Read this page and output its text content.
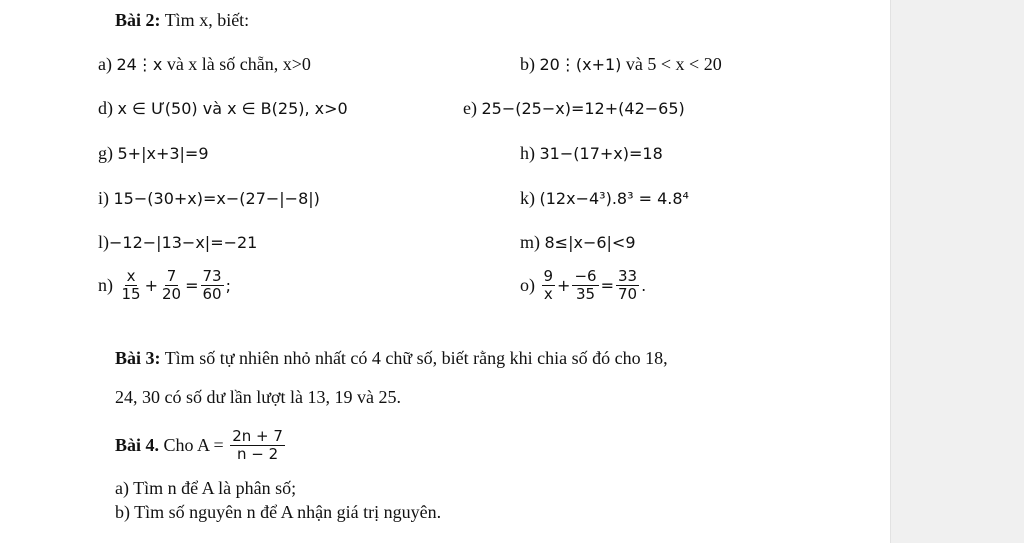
Bài 2: Tìm x, biết:
a) 24⋮x và x là số chẵn, x>0	b) 20⋮(x+1) và 5 < x < 20
d) x ∈ Ư(50) và x ∈ B(25), x>0	e) 25−(25−x)=12+(42−65)
g) 5+|x+3|=9	h) 31−(17+x)=18
i) 15−(30+x)=x−(27−|−8|)	k) (12x−4³).8³ = 4.8⁴
l)−12−|13−x|=−21	m) 8≤|x−6|<9
$n) \frac{x}{15} + \frac{7}{20} = \frac{73}{60}$ ;	$o) \frac{9}{x} + \frac{-6}{35} = \frac{33}{70}$ .
Bài 3: Tìm số tự nhiên nhỏ nhất có 4 chữ số, biết rằng khi chia số đó cho 18,
24, 30 có số dư lần lượt là 13, 19 và 25.
Bài 4. Cho $A = \frac{2n + 7}{n - 2}$
a) Tìm n để A là phân số;
b) Tìm số nguyên n để A nhận giá trị nguyên.
